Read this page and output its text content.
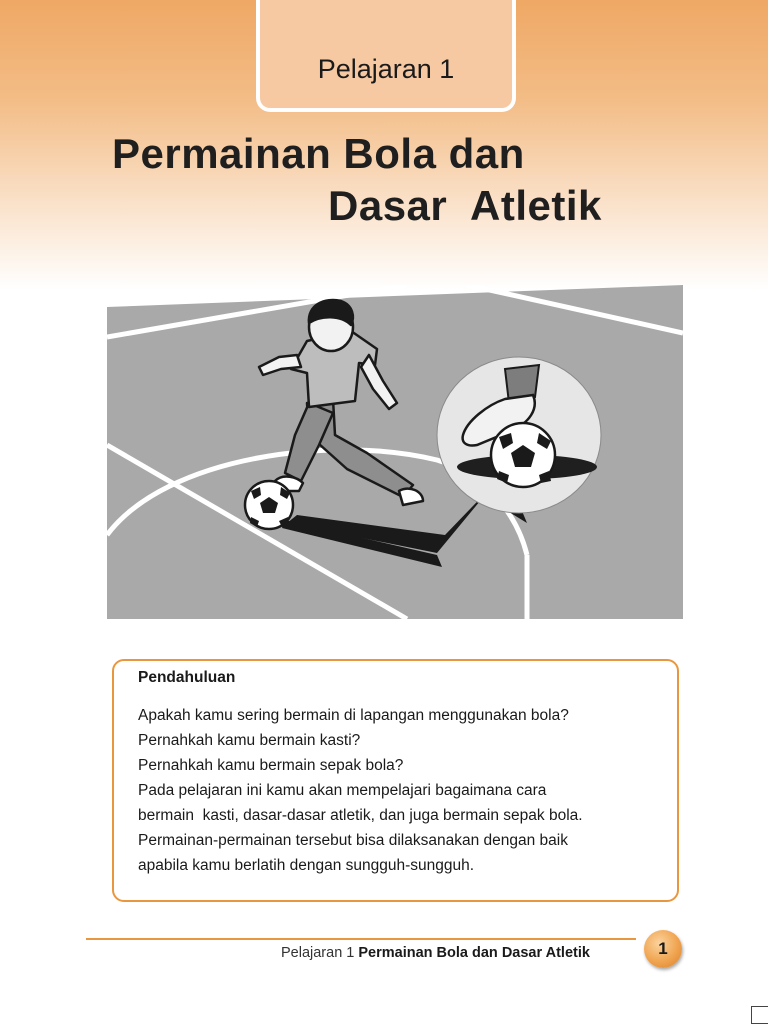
Pelajaran 1
Permainan Bola dan
Dasar  Atletik
Pendahuluan
Apakah kamu sering bermain di lapangan menggunakan bola?
Pernahkah kamu bermain kasti?
Pernahkah kamu bermain sepak bola?
Pada pelajaran ini kamu akan mempelajari bagaimana cara
bermain  kasti, dasar-dasar atletik, dan juga bermain sepak bola.
Permainan-permainan tersebut bisa dilaksanakan dengan baik
apabila kamu berlatih dengan sungguh-sungguh.
Pelajaran 1 Permainan Bola dan Dasar Atletik	1
